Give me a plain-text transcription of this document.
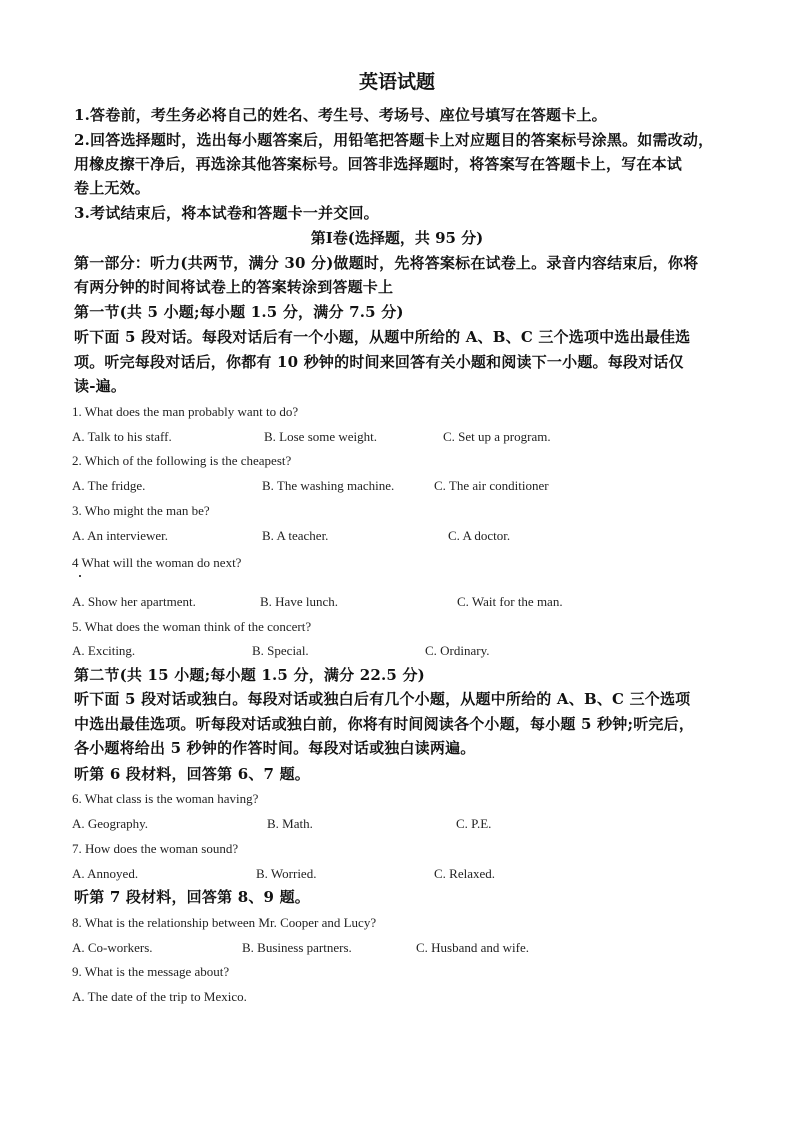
英语试题
1.答卷前，考生务必将自己的姓名、考生号、考场号、座位号填写在答题卡上。
2.回答选择题时，选出每小题答案后，用铅笔把答题卡上对应题目的答案标号涂黑。如需改动，
用橡皮擦干净后，再选涂其他答案标号。回答非选择题时，将答案写在答题卡上，写在本试
卷上无效。
3.考试结束后，将本试卷和答题卡一并交回。
第Ⅰ卷(选择题，共 95 分)
第一部分：听力(共两节，满分 30 分)做题时，先将答案标在试卷上。录音内容结束后，你将
有两分钟的时间将试卷上的答案转涂到答题卡上
第一节(共 5 小题;每小题 1.5 分，满分 7.5 分)
听下面 5 段对话。每段对话后有一个小题，从题中所给的 A、B、C 三个选项中选出最佳选
项。听完每段对话后，你都有 10 秒钟的时间来回答有关小题和阅读下一小题。每段对话仅
读-遍。
1. What does the man probably want to do?
A. Talk to his staff.	B. Lose some weight.	C. Set up a program.
2. Which of the following is the cheapest?
A. The fridge.	B. The washing machine.	C. The air conditioner
3. Who might the man be?
A. An interviewer.	B. A teacher.	C. A doctor.
4 What will the woman do next?
A. Show her apartment.	B. Have lunch.	C. Wait for the man.
5. What does the woman think of the concert?
A. Exciting.	B. Special.	C. Ordinary.
第二节(共 15 小题;每小题 1.5 分，满分 22.5 分)
听下面 5 段对话或独白。每段对话或独白后有几个小题，从题中所给的 A、B、C 三个选项
中选出最佳选项。听每段对话或独白前，你将有时间阅读各个小题，每小题 5 秒钟;听完后，
各小题将给出 5 秒钟的作答时间。每段对话或独白读两遍。
听第 6 段材料，回答第 6、7 题。
6. What class is the woman having?
A. Geography.	B. Math.	C. P.E.
7. How does the woman sound?
A. Annoyed.	B. Worried.	C. Relaxed.
听第 7 段材料，回答第 8、9 题。
8. What is the relationship between Mr. Cooper and Lucy?
A. Co-workers.	B. Business partners.	C. Husband and wife.
9. What is the message about?
A. The date of the trip to Mexico.
